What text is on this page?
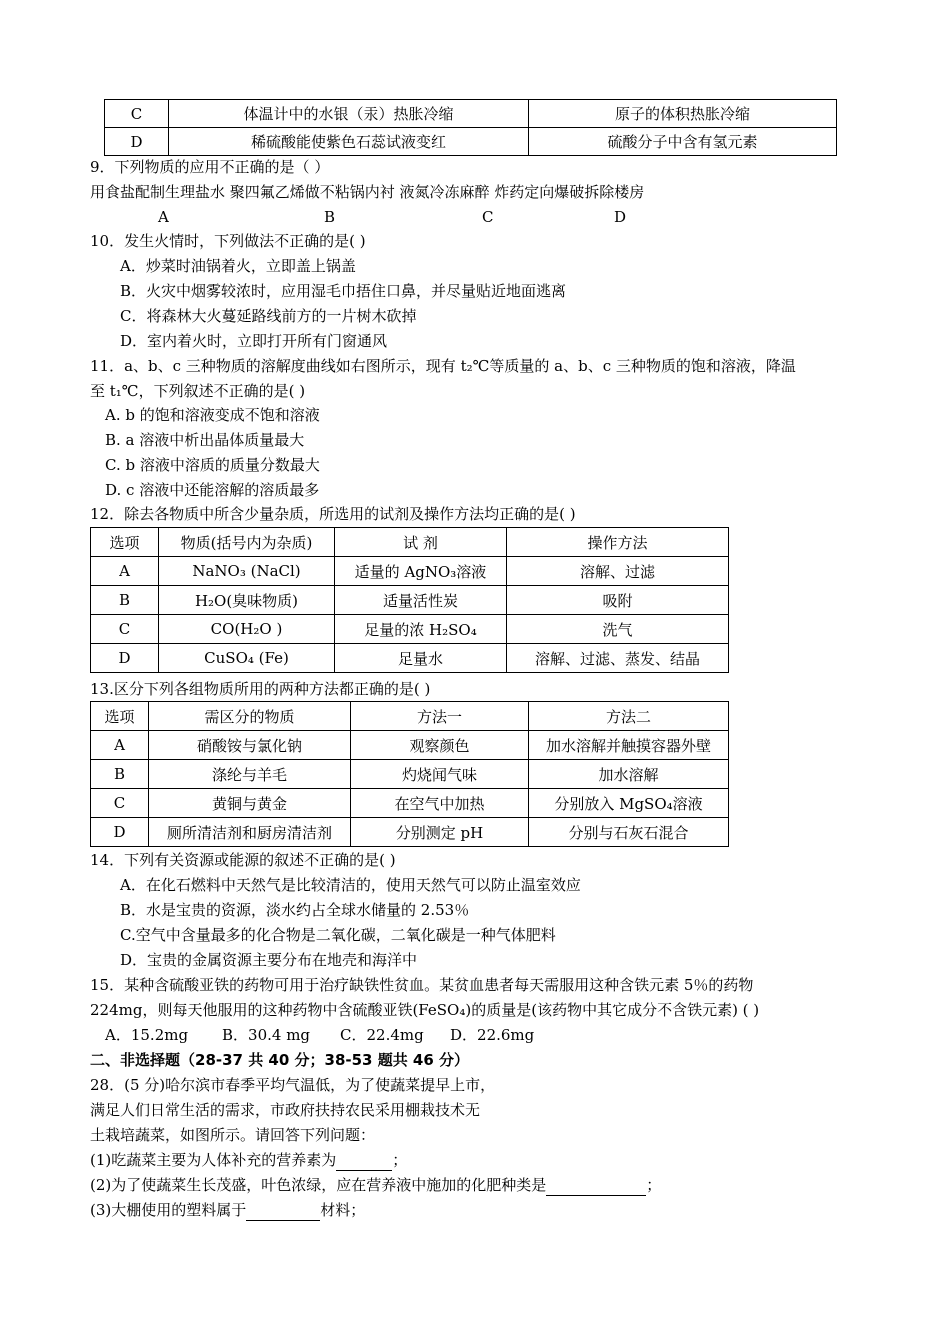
C	体温计中的水银（汞）热胀冷缩	原子的体积热胀冷缩
D	稀硫酸能使紫色石蕊试液变红	硫酸分子中含有氢元素
9．下列物质的应用不正确的是（ ）
用食盐配制生理盐水 聚四氟乙烯做不粘锅内衬 液氮冷冻麻醉 炸药定向爆破拆除楼房
A	B	C	D
10．发生火情时，下列做法不正确的是( )
A．炒菜时油锅着火，立即盖上锅盖
B．火灾中烟雾较浓时，应用湿毛巾捂住口鼻，并尽量贴近地面逃离
C．将森林大火蔓延路线前方的一片树木砍掉
D．室内着火时，立即打开所有门窗通风
11．a、b、c 三种物质的溶解度曲线如右图所示，现有 t₂℃等质量的 a、b、c 三种物质的饱和溶液，降温
至 t₁℃，下列叙述不正确的是( )
A. b 的饱和溶液变成不饱和溶液
B. a 溶液中析出晶体质量最大
C. b 溶液中溶质的质量分数最大
D. c 溶液中还能溶解的溶质最多
12．除去各物质中所含少量杂质，所选用的试剂及操作方法均正确的是( )
选项	物质(括号内为杂质)	试 剂	操作方法
A	NaNO₃ (NaCl)	适量的 AgNO₃溶液	溶解、过滤
B	H₂O(臭味物质)	适量活性炭	吸附
C	CO(H₂O )	足量的浓 H₂SO₄	洗气
D	CuSO₄ (Fe)	足量水	溶解、过滤、蒸发、结晶
13.区分下列各组物质所用的两种方法都正确的是( )
选项	需区分的物质	方法一	方法二
A	硝酸铵与氯化钠	观察颜色	加水溶解并触摸容器外壁
B	涤纶与羊毛	灼烧闻气味	加水溶解
C	黄铜与黄金	在空气中加热	分别放入 MgSO₄溶液
D	厕所清洁剂和厨房清洁剂	分别测定 pH	分别与石灰石混合
14．下列有关资源或能源的叙述不正确的是( )
A．在化石燃料中天然气是比较清洁的，使用天然气可以防止温室效应
B．水是宝贵的资源，淡水约占全球水储量的 2.53％
C.空气中含量最多的化合物是二氧化碳，二氧化碳是一种气体肥料
D．宝贵的金属资源主要分布在地壳和海洋中
15．某种含硫酸亚铁的药物可用于治疗缺铁性贫血。某贫血患者每天需服用这种含铁元素 5％的药物
224mg，则每天他服用的这种药物中含硫酸亚铁(FeSO₄)的质量是(该药物中其它成分不含铁元素) ( )
A．15.2mg B．30.4 mg C．22.4mg D．22.6mg
二、非选择题（28-37 共 40 分；38-53 题共 46 分）
28．(5 分)哈尔滨市春季平均气温低，为了使蔬菜提早上市，
满足人们日常生活的需求，市政府扶持农民采用棚栽技术无
土栽培蔬菜，如图所示。请回答下列问题：
(1)吃蔬菜主要为人体补充的营养素为	；
(2)为了使蔬菜生长茂盛，叶色浓绿，应在营养液中施加的化肥种类是	；
(3)大棚使用的塑料属于	材料；
